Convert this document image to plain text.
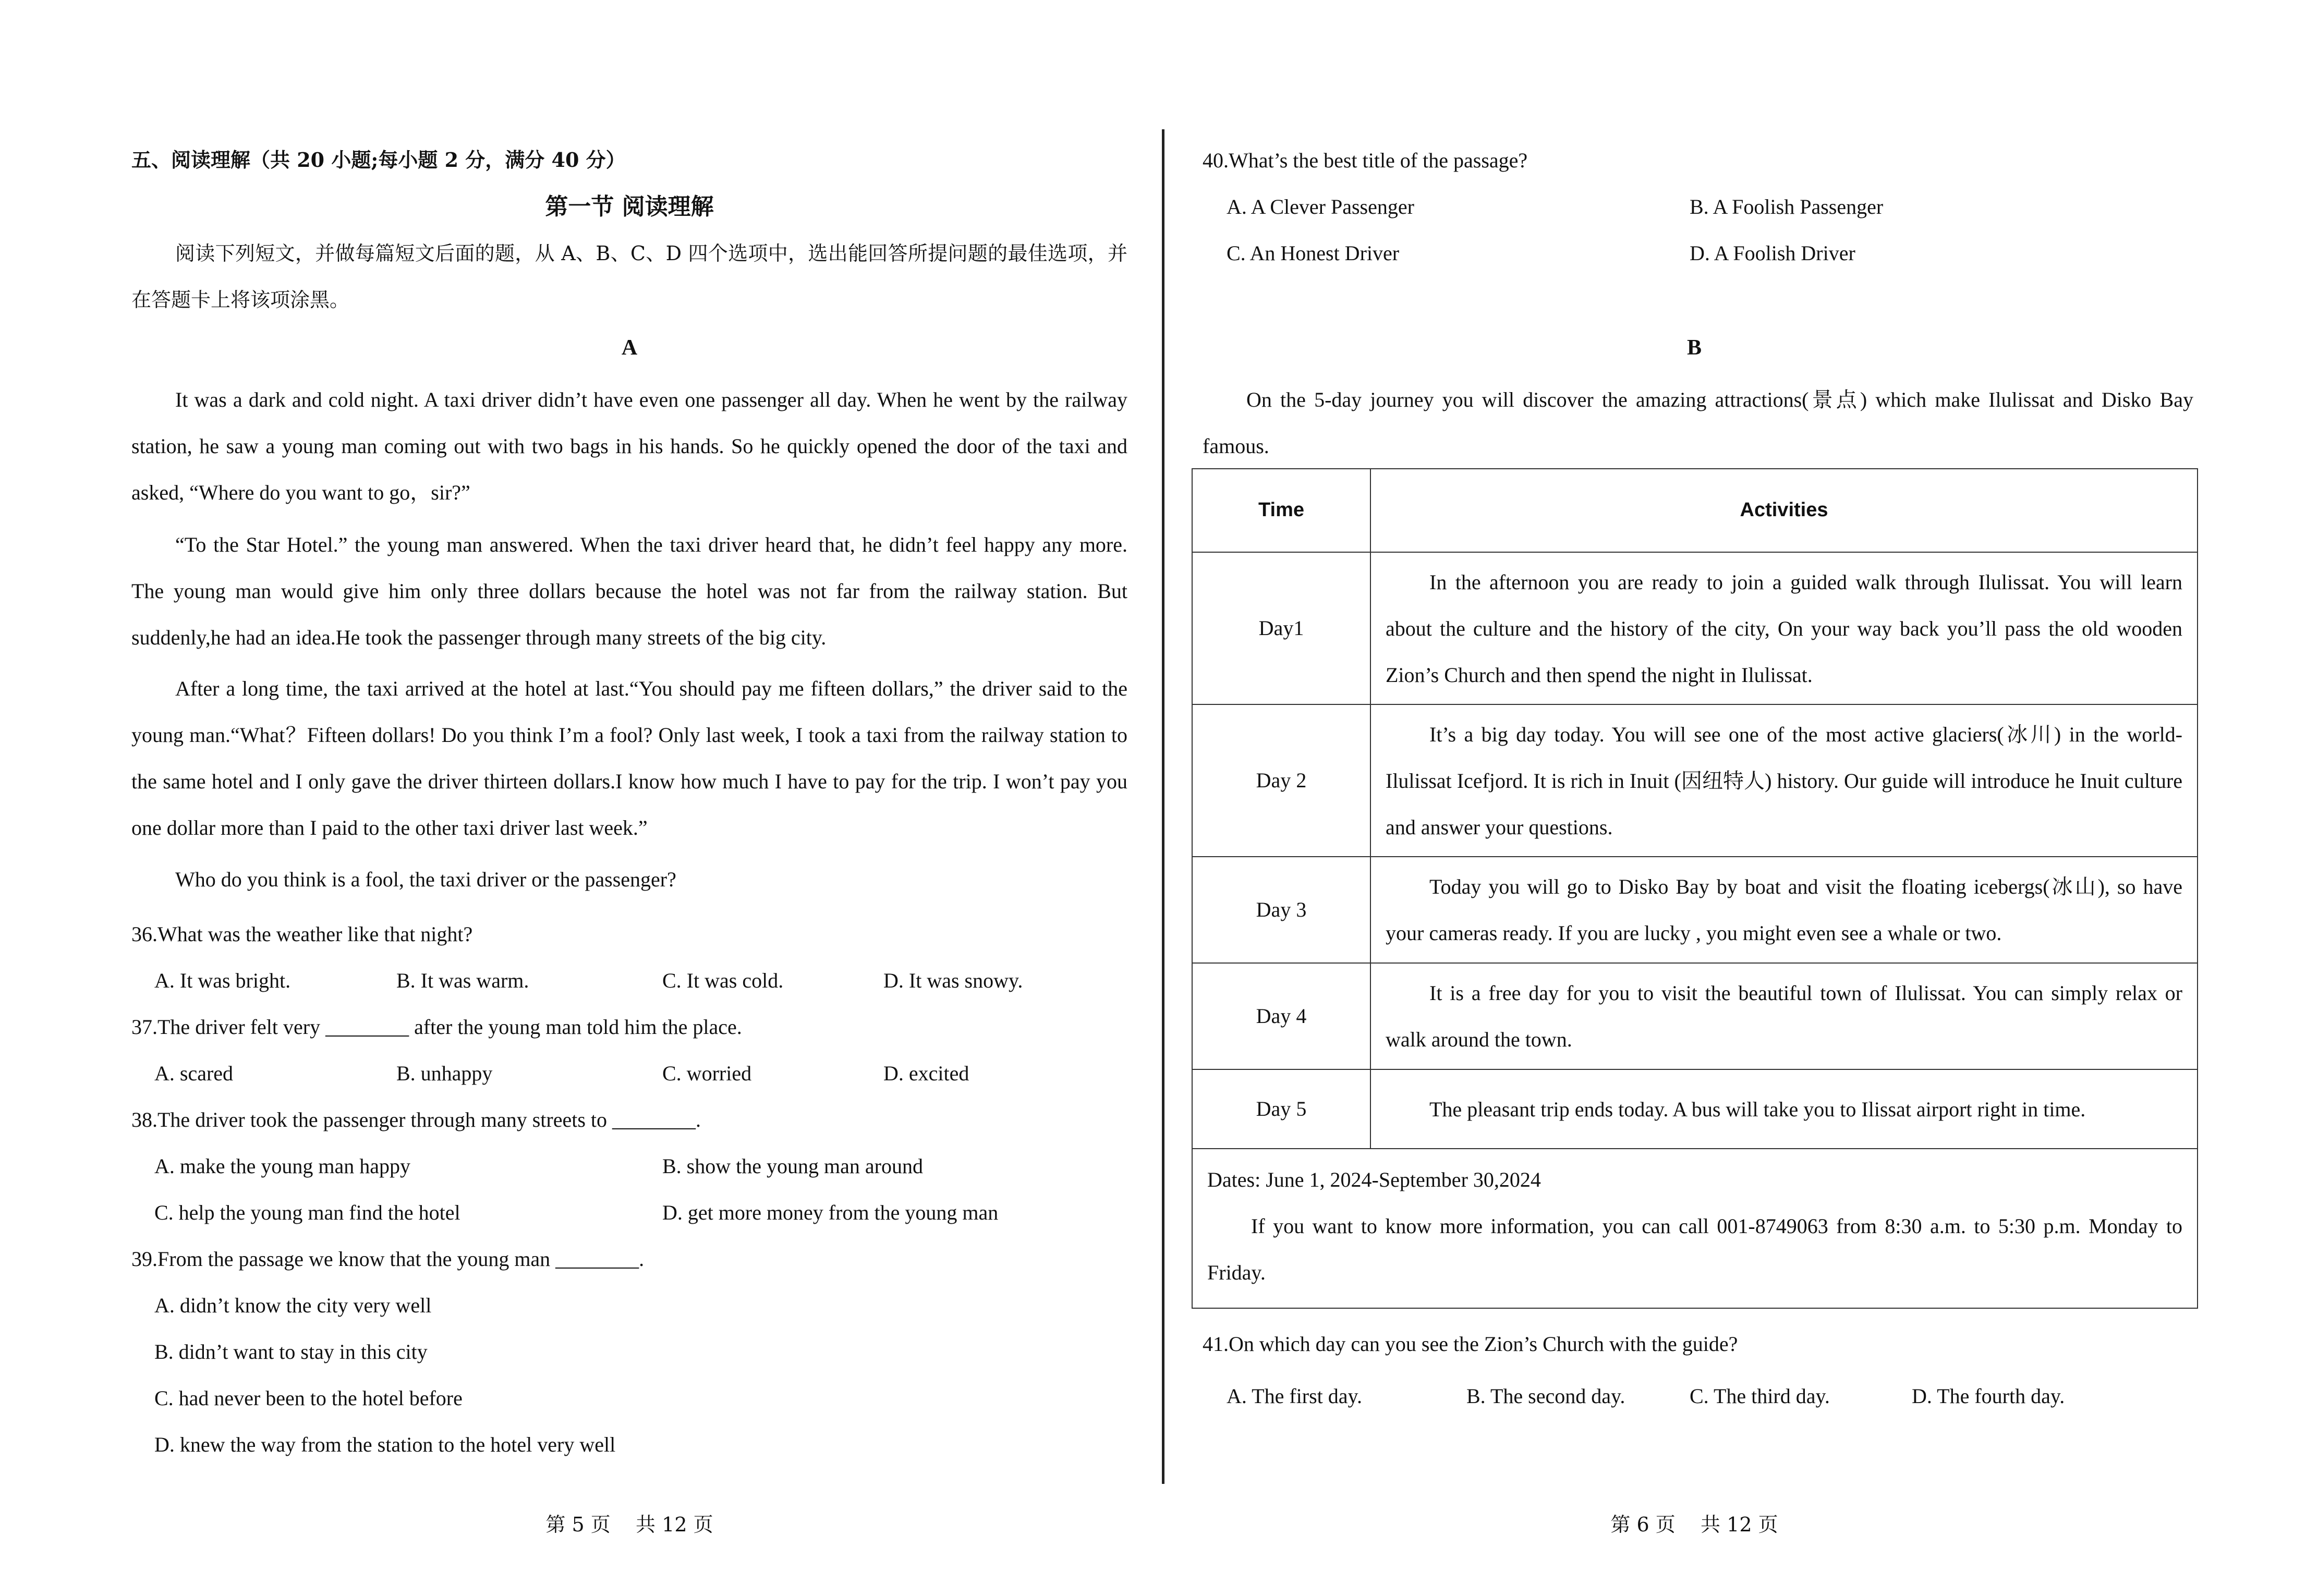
五、阅读理解（共 20 小题;每小题 2 分，满分 40 分）
第一节 阅读理解
阅读下列短文，并做每篇短文后面的题，从 A、B、C、D 四个选项中，选出能回答所提问题的最佳选项，并在答题卡上将该项涂黑。
A
It was a dark and cold night. A taxi driver didn’t have even one passenger all day. When he went by the railway station, he saw a young man coming out with two bags in his hands. So he quickly opened the door of the taxi and asked, “Where do you want to go，sir?”
“To the Star Hotel.” the young man answered. When the taxi driver heard that, he didn’t feel happy any more. The young man would give him only three dollars because the hotel was not far from the railway station. But suddenly,he had an idea.He took the passenger through many streets of the big city.
After a long time, the taxi arrived at the hotel at last.“You should pay me fifteen dollars,” the driver said to the young man.“What？Fifteen dollars! Do you think I’m a fool? Only last week, I took a taxi from the railway station to the same hotel and I only gave the driver thirteen dollars.I know how much I have to pay for the trip. I won’t pay you one dollar more than I paid to the other taxi driver last week.”
Who do you think is a fool, the taxi driver or the passenger?
36.What was the weather like that night?
A. It was bright.	B. It was warm.	C. It was cold.	D. It was snowy.
37.The driver felt very ________ after the young man told him the place.
A. scared	B. unhappy	C. worried	D. excited
38.The driver took the passenger through many streets to ________.
A. make the young man happy	B. show the young man around
C. help the young man find the hotel	D. get more money from the young man
39.From the passage we know that the young man ________.
A. didn’t know the city very well
B. didn’t want to stay in this city
C. had never been to the hotel before
D. knew the way from the station to the hotel very well
第 5 页    共 12 页
40.What’s the best title of the passage?
A. A Clever Passenger	B. A Foolish Passenger
C. An Honest Driver	D. A Foolish Driver
B
On the 5-day journey you will discover the amazing attractions(景点) which make Ilulissat and Disko Bay famous.
Time	Activities
Day1	In the afternoon you are ready to join a guided walk through Ilulissat. You will learn about the culture and the history of the city, On your way back you’ll pass the old wooden Zion’s Church and then spend the night in Ilulissat.
Day 2	It’s a big day today. You will see one of the most active glaciers(冰川) in the world-Ilulissat Icefjord. It is rich in Inuit (因纽特人) history. Our guide will introduce he Inuit culture and answer your questions.
Day 3	Today you will go to Disko Bay by boat and visit the floating icebergs(冰山), so have your cameras ready. If you are lucky , you might even see a whale or two.
Day 4	It is a free day for you to visit the beautiful town of Ilulissat. You can simply relax or walk around the town.
Day 5	The pleasant trip ends today. A bus will take you to Ilissat airport right in time.

Dates: June 1, 2024-September 30,2024
If you want to know more information, you can call 001-8749063 from 8:30 a.m. to 5:30 p.m. Monday to Friday.	
41.On which day can you see the Zion’s Church with the guide?
A. The first day.	B. The second day.	C. The third day.	D. The fourth day.
第 6 页    共 12 页
